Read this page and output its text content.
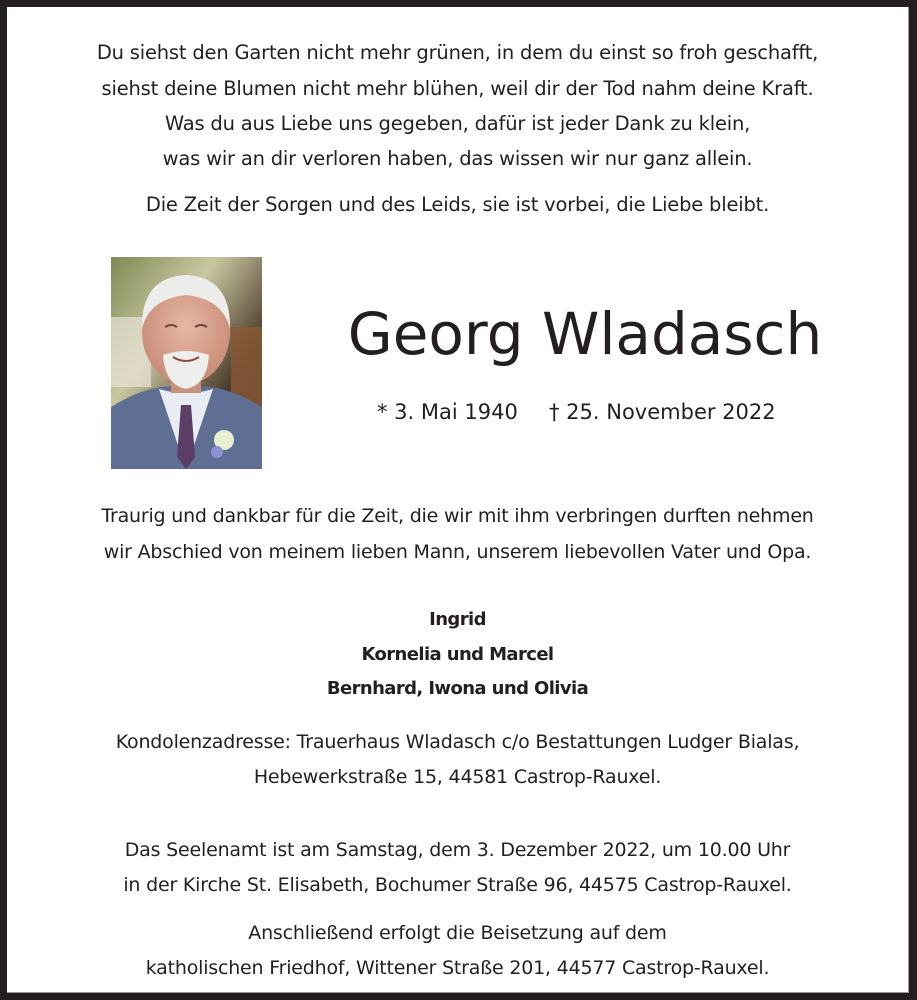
Du siehst den Garten nicht mehr grünen, in dem du einst so froh geschafft,
siehst deine Blumen nicht mehr blühen, weil dir der Tod nahm deine Kraft.
Was du aus Liebe uns gegeben, dafür ist jeder Dank zu klein,
was wir an dir verloren haben, das wissen wir nur ganz allein.
Die Zeit der Sorgen und des Leids, sie ist vorbei, die Liebe bleibt.
Georg Wladasch
* 3. Mai 1940 † 25. November 2022
Traurig und dankbar für die Zeit, die wir mit ihm verbringen durften nehmen
wir Abschied von meinem lieben Mann, unserem liebevollen Vater und Opa.
Ingrid
Kornelia und Marcel
Bernhard, Iwona und Olivia
Kondolenzadresse: Trauerhaus Wladasch c/o Bestattungen Ludger Bialas,
Hebewerkstraße 15, 44581 Castrop-Rauxel.
Das Seelenamt ist am Samstag, dem 3. Dezember 2022, um 10.00 Uhr
in der Kirche St. Elisabeth, Bochumer Straße 96, 44575 Castrop-Rauxel.
Anschließend erfolgt die Beisetzung auf dem
katholischen Friedhof, Wittener Straße 201, 44577 Castrop-Rauxel.
